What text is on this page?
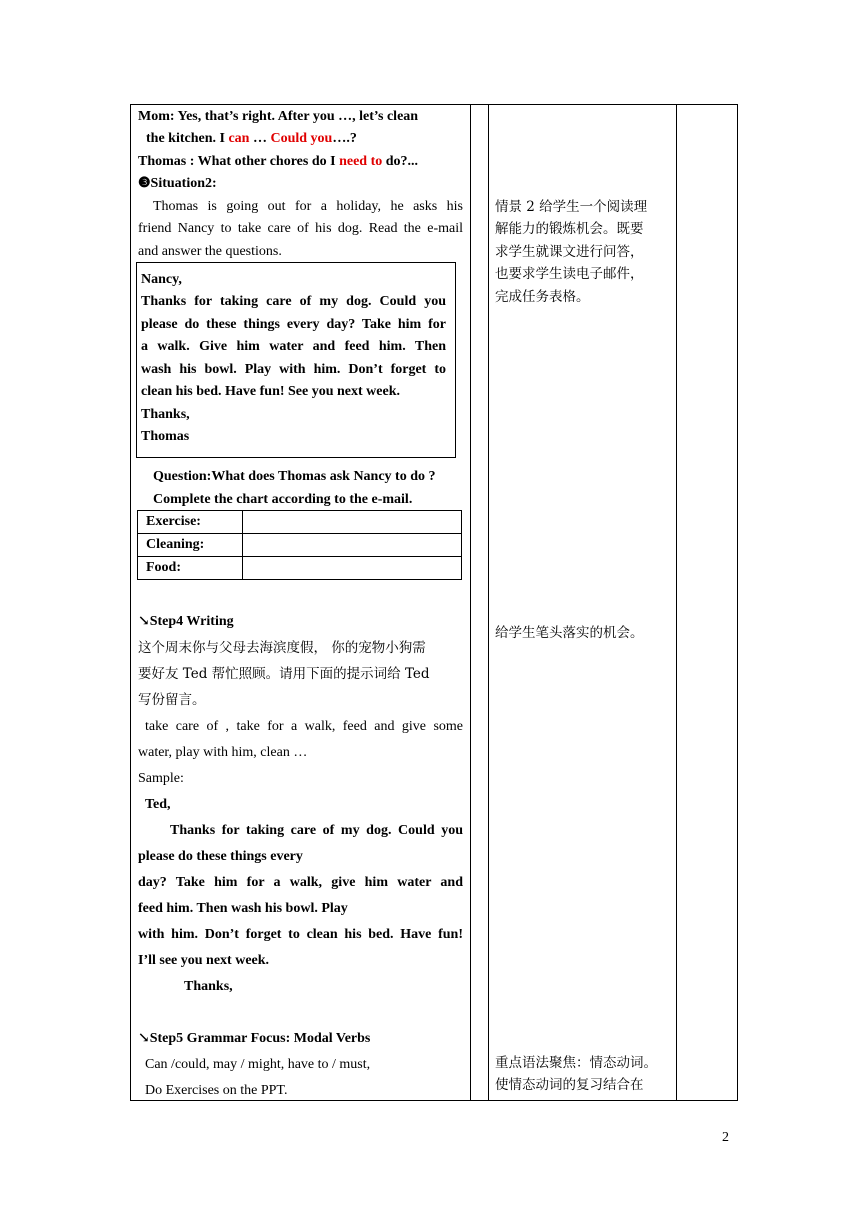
Mom: Yes, that’s right. After you …, let’s clean
the kitchen. I can … Could you….?
Thomas : What other chores do I need to do?...
❸Situation2:
Thomas is going out for a holiday, he asks his
friend Nancy to take care of his dog. Read the e-mail
and answer the questions.
Nancy,
Thanks for taking care of my dog. Could you
please do these things every day? Take him for
a walk. Give him water and feed him. Then
wash his bowl. Play with him. Don’t forget to
clean his bed. Have fun! See you next week.
Thanks,
Thomas
Question:What does Thomas ask Nancy to do ?
Complete the chart according to the e-mail.
Exercise:	
Cleaning:	
Food:	
↘Step4 Writing
这个周末你与父母去海滨度假， 你的宠物小狗需
要好友 Ted 帮忙照顾。请用下面的提示词给 Ted
写份留言。
take care of , take for a walk, feed and give some
water, play with him, clean …
Sample:
Ted,
Thanks for taking care of my dog. Could you
please do these things every
day? Take him for a walk, give him water and
feed him. Then wash his bowl. Play
with him. Don’t forget to clean his bed. Have fun!
I’ll see you next week.
Thanks,
↘Step5 Grammar Focus: Modal Verbs
Can /could, may / might, have to / must,
Do Exercises on the PPT.
情景 2 给学生一个阅读理
解能力的锻炼机会。既要
求学生就课文进行问答，
也要求学生读电子邮件，
完成任务表格。
给学生笔头落实的机会。
重点语法聚焦：情态动词。
使情态动词的复习结合在
2
